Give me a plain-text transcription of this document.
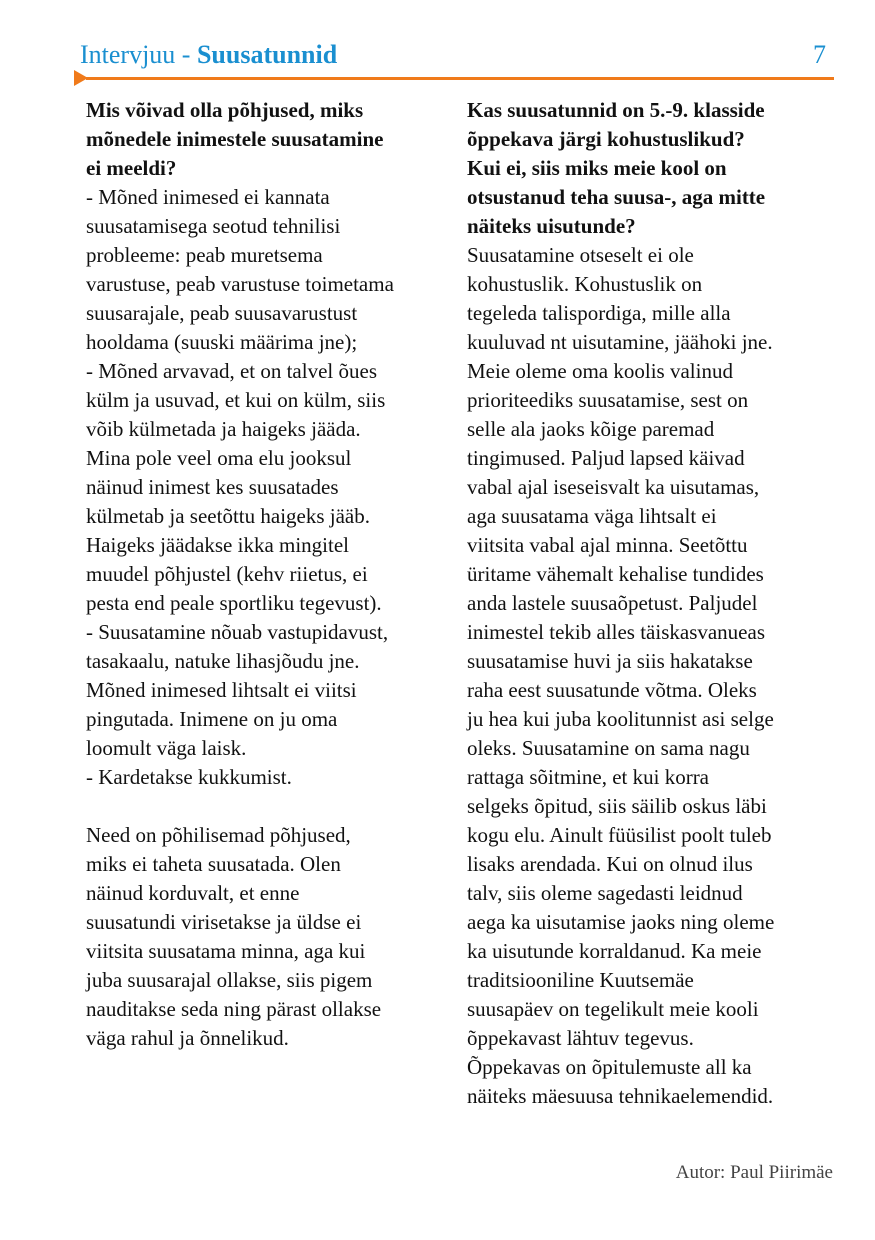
Intervjuu - Suusatunnid	7
Mis võivad olla põhjused, miks
mõnedele inimestele suusatamine
ei meeldi?
- Mõned inimesed ei kannata
suusatamisega seotud tehnilisi
probleeme: peab muretsema
varustuse, peab varustuse toimetama
suusarajale, peab suusavarustust
hooldama (suuski määrima jne);
- Mõned arvavad, et on talvel õues
külm ja usuvad, et kui on külm, siis
võib külmetada ja haigeks jääda.
Mina pole veel oma elu jooksul
näinud inimest kes suusatades
külmetab ja seetõttu haigeks jääb.
Haigeks jäädakse ikka mingitel
muudel põhjustel (kehv riietus, ei
pesta end peale sportliku tegevust).
- Suusatamine nõuab vastupidavust,
tasakaalu, natuke lihasjõudu jne.
Mõned inimesed lihtsalt ei viitsi
pingutada. Inimene on ju oma
loomult väga laisk.
- Kardetakse kukkumist.
Need on põhilisemad põhjused,
miks ei taheta suusatada. Olen
näinud korduvalt, et enne
suusatundi virisetakse ja üldse ei
viitsita suusatama minna, aga kui
juba suusarajal ollakse, siis pigem
nauditakse seda ning pärast ollakse
väga rahul ja õnnelikud.
Kas suusatunnid on 5.-9. klasside
õppekava järgi kohustuslikud?
Kui ei, siis miks meie kool on
otsustanud teha suusa-, aga mitte
näiteks uisutunde?
Suusatamine otseselt ei ole
kohustuslik. Kohustuslik on
tegeleda talispordiga, mille alla
kuuluvad nt uisutamine, jäähoki jne.
Meie oleme oma koolis valinud
prioriteediks suusatamise, sest on
selle ala jaoks kõige paremad
tingimused. Paljud lapsed käivad
vabal ajal iseseisvalt ka uisutamas,
aga suusatama väga lihtsalt ei
viitsita vabal ajal minna. Seetõttu
üritame vähemalt kehalise tundides
anda lastele suusaõpetust. Paljudel
inimestel tekib alles täiskasvanueas
suusatamise huvi ja siis hakatakse
raha eest suusatunde võtma. Oleks
ju hea kui juba koolitunnist asi selge
oleks. Suusatamine on sama nagu
rattaga sõitmine, et kui korra
selgeks õpitud, siis säilib oskus läbi
kogu elu. Ainult füüsilist poolt tuleb
lisaks arendada. Kui on olnud ilus
talv, siis oleme sagedasti leidnud
aega ka uisutamise jaoks ning oleme
ka uisutunde korraldanud. Ka meie
traditsiooniline Kuutsemäe
suusapäev on tegelikult meie kooli
õppekavast lähtuv tegevus.
Õppekavas on õpitulemuste all ka
näiteks mäesuusa tehnikaelemendid.
Autor: Paul Piirimäe
